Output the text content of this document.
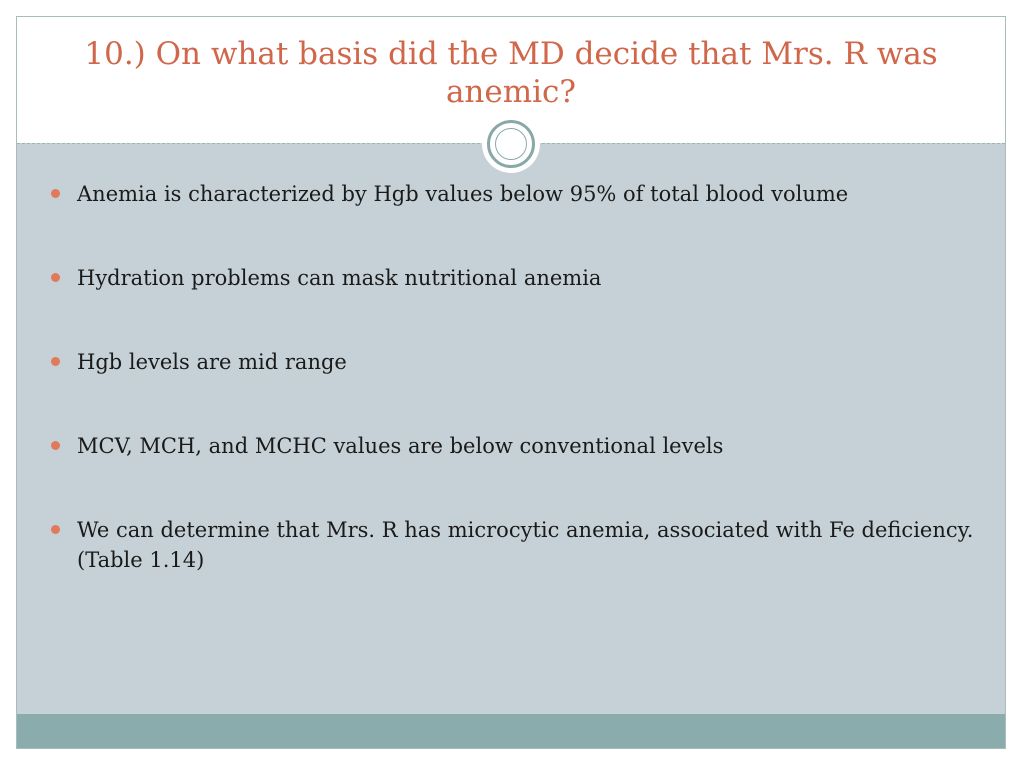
10.) On what basis did the MD decide that Mrs. R was anemic?
Anemia is characterized by Hgb values below 95% of total blood volume
Hydration problems can mask nutritional anemia
Hgb levels are mid range
MCV, MCH, and MCHC values are below conventional levels
We can determine that Mrs. R has microcytic anemia, associated with Fe deficiency. (Table 1.14)
